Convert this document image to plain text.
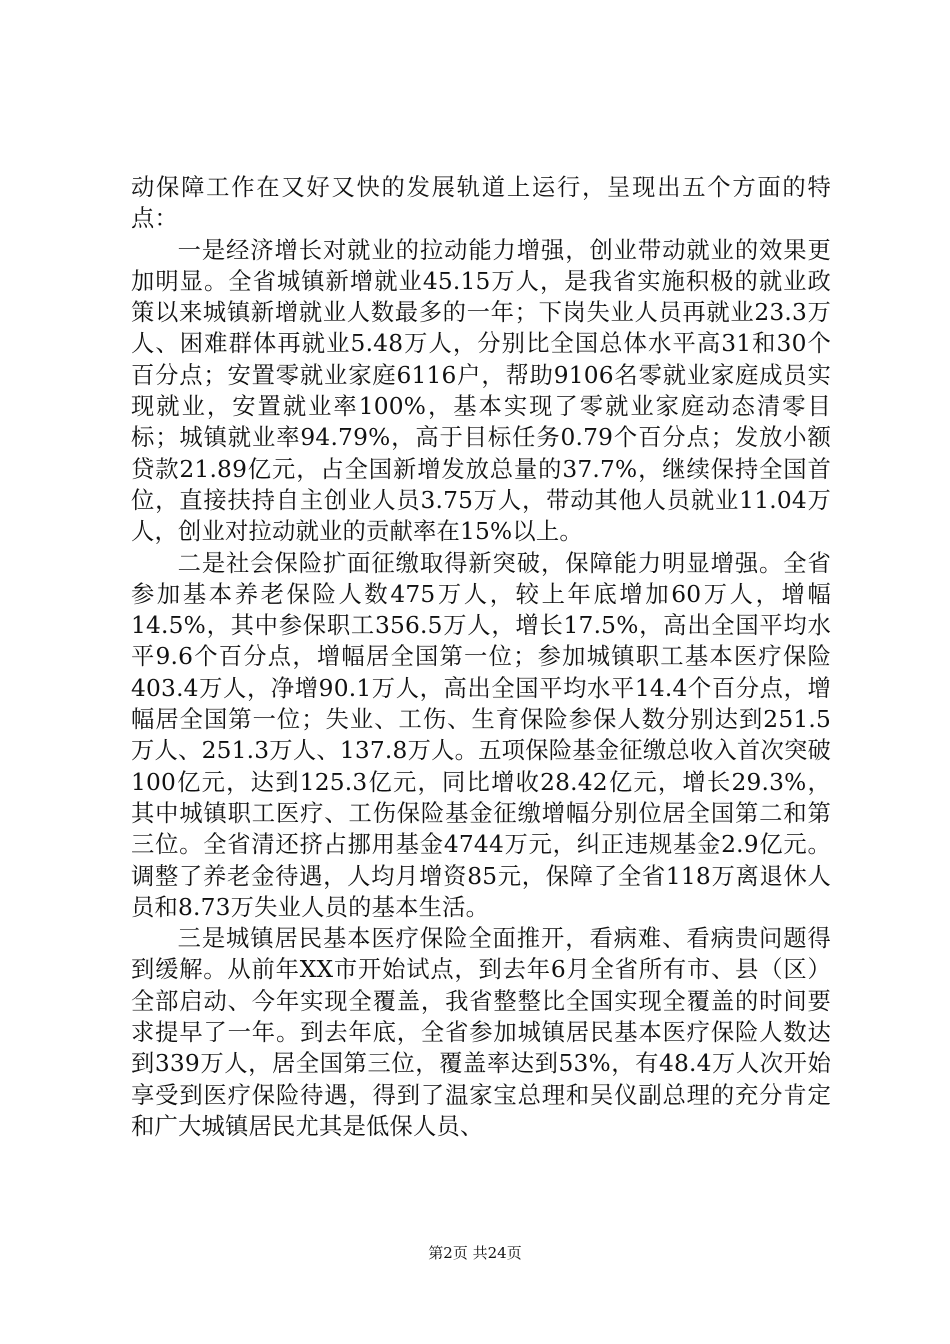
动保障工作在又好又快的发展轨道上运行，呈现出五个方面的特点：

一是经济增长对就业的拉动能力增强，创业带动就业的效果更加明显。全省城镇新增就业45.15万人，是我省实施积极的就业政策以来城镇新增就业人数最多的一年；下岗失业人员再就业23.3万人、困难群体再就业5.48万人，分别比全国总体水平高31和30个百分点；安置零就业家庭6116户，帮助9106名零就业家庭成员实现就业，安置就业率100%，基本实现了零就业家庭动态清零目标；城镇就业率94.79%，高于目标任务0.79个百分点；发放小额贷款21.89亿元，占全国新增发放总量的37.7%，继续保持全国首位，直接扶持自主创业人员3.75万人，带动其他人员就业11.04万人，创业对拉动就业的贡献率在15%以上。

二是社会保险扩面征缴取得新突破，保障能力明显增强。全省参加基本养老保险人数475万人，较上年底增加60万人，增幅14.5%，其中参保职工356.5万人，增长17.5%，高出全国平均水平9.6个百分点，增幅居全国第一位；参加城镇职工基本医疗保险403.4万人，净增90.1万人，高出全国平均水平14.4个百分点，增幅居全国第一位；失业、工伤、生育保险参保人数分别达到251.5万人、251.3万人、137.8万人。五项保险基金征缴总收入首次突破100亿元，达到125.3亿元，同比增收28.42亿元，增长29.3%，其中城镇职工医疗、工伤保险基金征缴增幅分别位居全国第二和第三位。全省清还挤占挪用基金4744万元，纠正违规基金2.9亿元。调整了养老金待遇，人均月增资85元，保障了全省118万离退休人员和8.73万失业人员的基本生活。

三是城镇居民基本医疗保险全面推开，看病难、看病贵问题得到缓解。从前年XX市开始试点，到去年6月全省所有市、县（区）全部启动、今年实现全覆盖，我省整整比全国实现全覆盖的时间要求提早了一年。到去年底，全省参加城镇居民基本医疗保险人数达到339万人，居全国第三位，覆盖率达到53%，有48.4万人次开始享受到医疗保险待遇，得到了温家宝总理和吴仪副总理的充分肯定和广大城镇居民尤其是低保人员、

第2页 共24页
